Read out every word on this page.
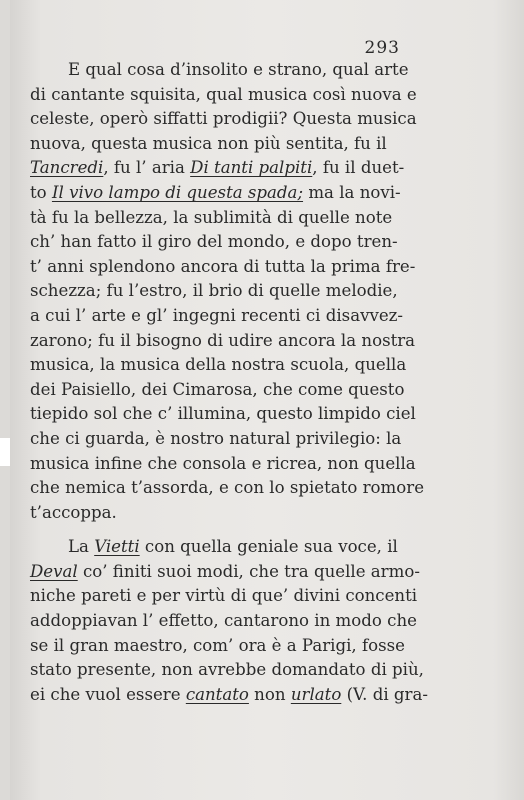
293
E qual cosa d’insolito e strano, qual arte
di cantante squisita, qual musica così nuova e
celeste, operò siffatti prodigii? Questa musica
nuova, questa musica non più sentita, fu il
Tancredi, fu l’ aria Di tanti palpiti, fu il duet-
to Il vivo lampo di questa spada; ma la novi-
tà fu la bellezza, la sublimità di quelle note
ch’ han fatto il giro del mondo, e dopo tren-
t’ anni splendono ancora di tutta la prima fre-
schezza; fu l’estro, il brio di quelle melodie,
a cui l’ arte e gl’ ingegni recenti ci disavvez-
zarono; fu il bisogno di udire ancora la nostra
musica, la musica della nostra scuola, quella
dei Paisiello, dei Cimarosa, che come questo
tiepido sol che c’ illumina, questo limpido ciel
che ci guarda, è nostro natural privilegio: la
musica infine che consola e ricrea, non quella
che nemica t’assorda, e con lo spietato romore
t’accoppa.
La Vietti con quella geniale sua voce, il
Deval co’ finiti suoi modi, che tra quelle armo-
niche pareti e per virtù di que’ divini concenti
addoppiavan l’ effetto, cantarono in modo che
se il gran maestro, com’ ora è a Parigi, fosse
stato presente, non avrebbe domandato di più,
ei che vuol essere cantato non urlato (V. di gra-
